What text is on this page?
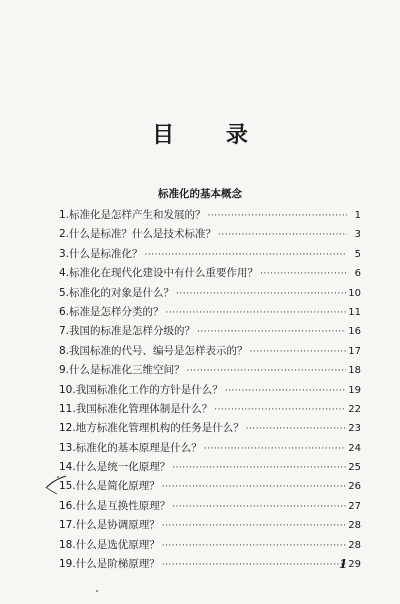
目 录
标准化的基本概念
1.标准化是怎样产生和发展的？ ·····	1
2.什么是标准？什么是技术标准？ ·····	3
3.什么是标准化？ ·····	5
4.标准化在现代化建设中有什么重要作用？ ·····	6
5.标准化的对象是什么？ ·····	10
6.标准是怎样分类的？ ·····	11
7.我国的标准是怎样分级的？ ·····	16
8.我国标准的代号、编号是怎样表示的？ ·····	17
9.什么是标准化三维空间？ ·····	18
10.我国标准化工作的方针是什么？ ·····	19
11.我国标准化管理体制是什么？ ·····	22
12.地方标准化管理机构的任务是什么？ ·····	23
13.标准化的基本原理是什么？ ·····	24
14.什么是统一化原理？ ·····	25
15.什么是简化原理？ ·····	26
16.什么是互换性原理？ ·····	27
17.什么是协调原理？ ·····	28
18.什么是选优原理？ ·····	28
19.什么是阶梯原理？ ·····	29
1
